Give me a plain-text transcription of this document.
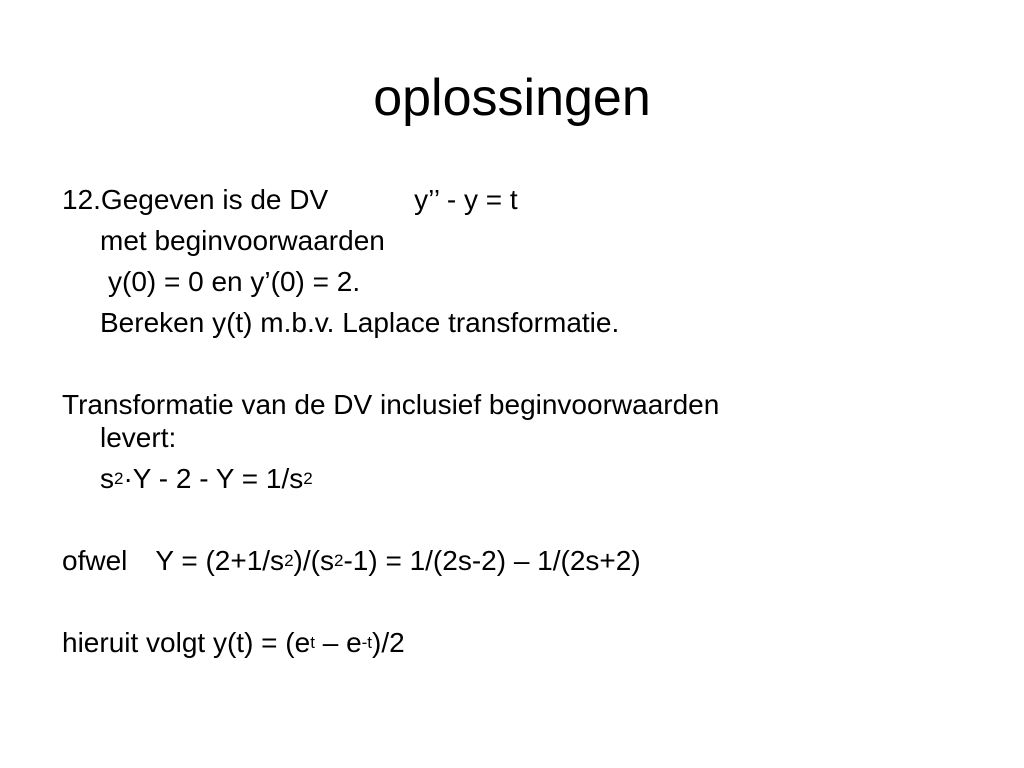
oplossingen
12.Gegeven is de DV	y’’ - y = t
met beginvoorwaarden
y(0) = 0 en y’(0) = 2.
Bereken y(t) m.b.v. Laplace transformatie.
Transformatie van de DV inclusief beginvoorwaarden
levert:
$s^2\cdot Y - 2 - Y = 1/s^2$
ofwel $Y = (2+1/s^2)/(s^2-1) = 1/(2s-2) - 1/(2s+2)$
hieruit volgt $y(t) = (e^t - e^{-t})/2$
